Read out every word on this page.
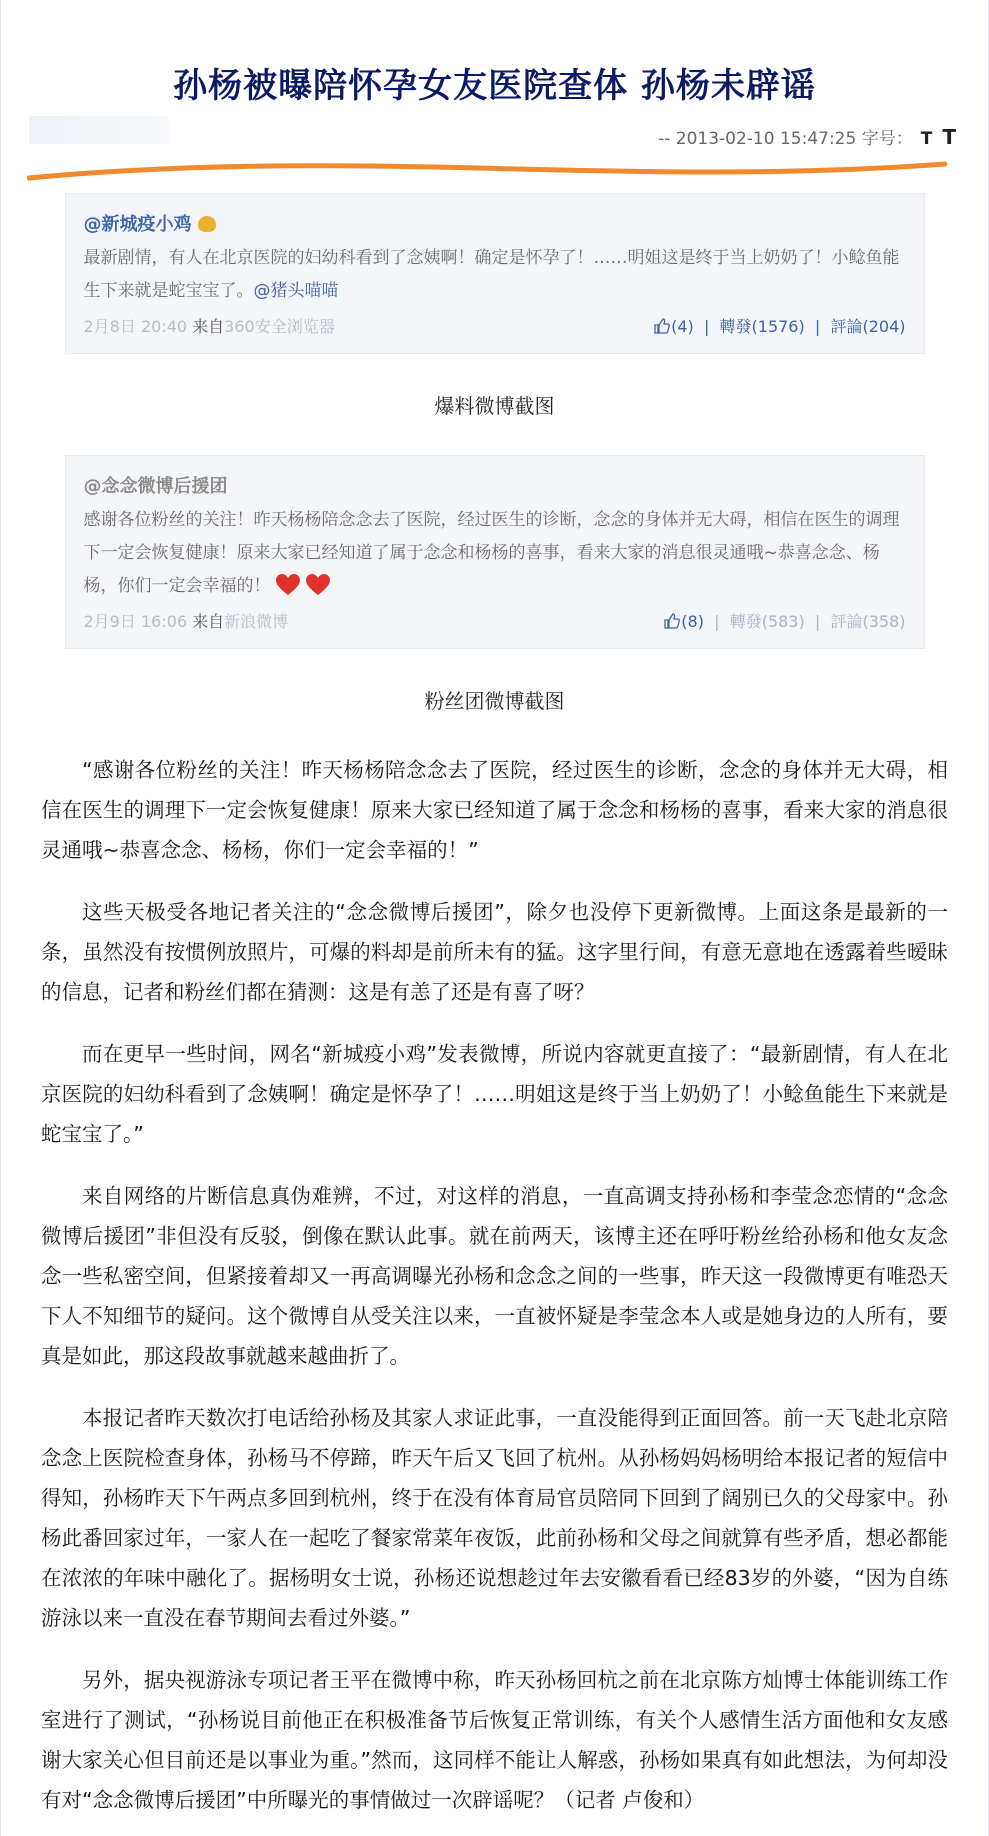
孙杨被曝陪怀孕女友医院查体 孙杨未辟谣
-- 2013-02-10 15:47:25 字号： T T
@新城疫小鸡
最新剧情，有人在北京医院的妇幼科看到了念姨啊！确定是怀孕了！……明姐这是终于当上奶奶了！小鲶鱼能生下来就是蛇宝宝了。@猪头喵喵
2月8日 20:40 来自360安全浏览器	(4)  |  轉發(1576)  |  評論(204)
爆料微博截图
@念念微博后援团
感谢各位粉丝的关注！昨天杨杨陪念念去了医院，经过医生的诊断，念念的身体并无大碍，相信在医生的调理下一定会恢复健康！原来大家已经知道了属于念念和杨杨的喜事，看来大家的消息很灵通哦~恭喜念念、杨杨，你们一定会幸福的！
2月9日 16:06 来自新浪微博	(8)  |  轉發(583)  |  評論(358)
粉丝团微博截图

“感谢各位粉丝的关注！昨天杨杨陪念念去了医院，经过医生的诊断，念念的身体并无大碍，相信在医生的调理下一定会恢复健康！原来大家已经知道了属于念念和杨杨的喜事，看来大家的消息很灵通哦~恭喜念念、杨杨，你们一定会幸福的！”

这些天极受各地记者关注的“念念微博后援团”，除夕也没停下更新微博。上面这条是最新的一条，虽然没有按惯例放照片，可爆的料却是前所未有的猛。这字里行间，有意无意地在透露着些暧昧的信息，记者和粉丝们都在猜测：这是有恙了还是有喜了呀？

而在更早一些时间，网名“新城疫小鸡”发表微博，所说内容就更直接了：“最新剧情，有人在北京医院的妇幼科看到了念姨啊！确定是怀孕了！……明姐这是终于当上奶奶了！小鲶鱼能生下来就是蛇宝宝了。”

来自网络的片断信息真伪难辨，不过，对这样的消息，一直高调支持孙杨和李莹念恋情的“念念微博后援团”非但没有反驳，倒像在默认此事。就在前两天，该博主还在呼吁粉丝给孙杨和他女友念念一些私密空间，但紧接着却又一再高调曝光孙杨和念念之间的一些事，昨天这一段微博更有唯恐天下人不知细节的疑问。这个微博自从受关注以来，一直被怀疑是李莹念本人或是她身边的人所有，要真是如此，那这段故事就越来越曲折了。

本报记者昨天数次打电话给孙杨及其家人求证此事，一直没能得到正面回答。前一天飞赴北京陪念念上医院检查身体，孙杨马不停蹄，昨天午后又飞回了杭州。从孙杨妈妈杨明给本报记者的短信中得知，孙杨昨天下午两点多回到杭州，终于在没有体育局官员陪同下回到了阔别已久的父母家中。孙杨此番回家过年，一家人在一起吃了餐家常菜年夜饭，此前孙杨和父母之间就算有些矛盾，想必都能在浓浓的年味中融化了。据杨明女士说，孙杨还说想趁过年去安徽看看已经83岁的外婆，“因为自练游泳以来一直没在春节期间去看过外婆。”

另外，据央视游泳专项记者王平在微博中称，昨天孙杨回杭之前在北京陈方灿博士体能训练工作室进行了测试，“孙杨说目前他正在积极准备节后恢复正常训练，有关个人感情生活方面他和女友感谢大家关心但目前还是以事业为重。”然而，这同样不能让人解惑，孙杨如果真有如此想法，为何却没有对“念念微博后援团”中所曝光的事情做过一次辟谣呢？（记者 卢俊和）
